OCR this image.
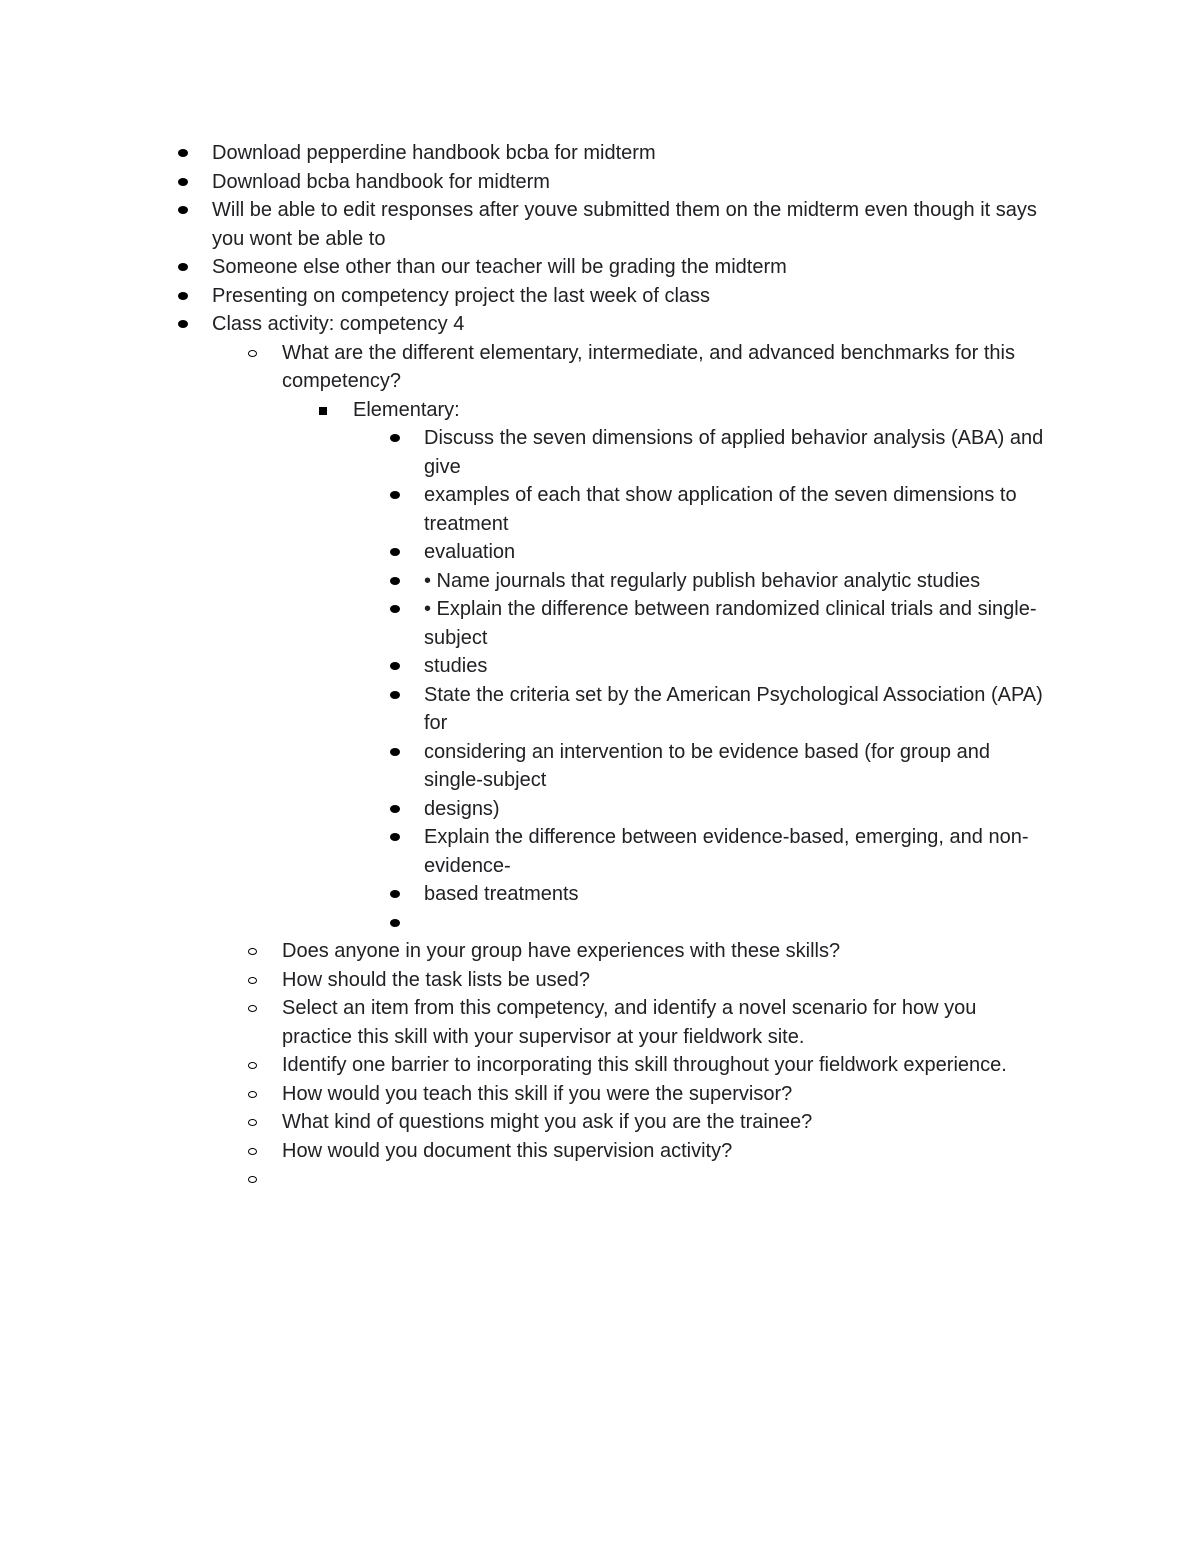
Download pepperdine handbook bcba for midterm
Download bcba handbook for midterm
Will be able to edit responses after youve submitted them on the midterm even though it says you wont be able to
Someone else other than our teacher will be grading the midterm
Presenting on competency project the last week of class
Class activity: competency 4
What are the different elementary, intermediate, and advanced benchmarks for this competency?
Elementary:
Discuss the seven dimensions of applied behavior analysis (ABA) and give
examples of each that show application of the seven dimensions to treatment
evaluation
• Name journals that regularly publish behavior analytic studies
• Explain the difference between randomized clinical trials and single-subject
studies
State the criteria set by the American Psychological Association (APA) for
considering an intervention to be evidence based (for group and single-subject
designs)
Explain the difference between evidence-based, emerging, and non-evidence-
based treatments
Does anyone in your group have experiences with these skills?
How should the task lists be used?
Select an item from this competency, and identify a novel scenario for how you practice this skill with your supervisor at your fieldwork site.
Identify one barrier to incorporating this skill throughout your fieldwork experience.
How would you teach this skill if you were the supervisor?
What kind of questions might you ask if you are the trainee?
How would you document this supervision activity?
